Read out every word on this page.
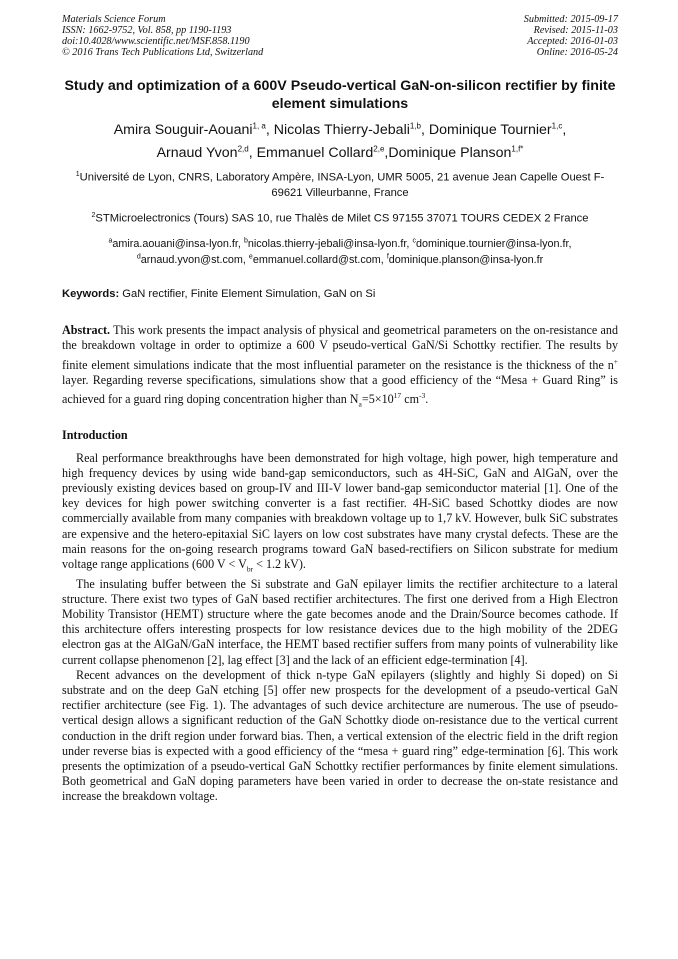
Materials Science Forum
ISSN: 1662-9752, Vol. 858, pp 1190-1193
doi:10.4028/www.scientific.net/MSF.858.1190
© 2016 Trans Tech Publications Ltd, Switzerland
Submitted: 2015-09-17
Revised: 2015-11-03
Accepted: 2016-01-03
Online: 2016-05-24
Study and optimization of a 600V Pseudo-vertical GaN-on-silicon rectifier by finite element simulations
Amira Souguir-Aouani$^{1, a}$, Nicolas Thierry-Jebali$^{1,b}$, Dominique Tournier$^{1,c}$,
Arnaud Yvon$^{2,d}$, Emmanuel Collard$^{2,e}$,Dominique Planson$^{1,f*}$
$^1$Université de Lyon, CNRS, Laboratory Ampère, INSA-Lyon, UMR 5005, 21 avenue Jean Capelle Ouest F-69621 Villeurbanne, France
$^2$STMicroelectronics (Tours) SAS 10, rue Thalès de Milet CS 97155 37071 TOURS CEDEX 2 France
$^a$amira.aouani@insa-lyon.fr, $^b$nicolas.thierry-jebali@insa-lyon.fr, $^c$dominique.tournier@insa-lyon.fr,
$^d$arnaud.yvon@st.com, $^e$emmanuel.collard@st.com, $^f$dominique.planson@insa-lyon.fr
Keywords: GaN rectifier, Finite Element Simulation, GaN on Si
Abstract. This work presents the impact analysis of physical and geometrical parameters on the on-resistance and the breakdown voltage in order to optimize a 600 V pseudo-vertical GaN/Si Schottky rectifier. The results by finite element simulations indicate that the most influential parameter on the resistance is the thickness of the n+ layer. Regarding reverse specifications, simulations show that a good efficiency of the “Mesa + Guard Ring” is achieved for a guard ring doping concentration higher than $N_a=5\times 10^{17}$ $cm^{-3}$.
Introduction
Real performance breakthroughs have been demonstrated for high voltage, high power, high temperature and high frequency devices by using wide band-gap semiconductors, such as 4H-SiC, GaN and AlGaN, over the previously existing devices based on group-IV and III-V lower band-gap semiconductor material [1]. One of the key devices for high power switching converter is a fast rectifier. 4H-SiC based Schottky diodes are now commercially available from many companies with breakdown voltage up to 1,7 kV. However, bulk SiC substrates are expensive and the hetero-epitaxial SiC layers on low cost substrates have many crystal defects. These are the main reasons for the on-going research programs toward GaN based-rectifiers on Silicon substrate for medium voltage range applications (600 $V < V_{br} < 1.2$ kV).
The insulating buffer between the Si substrate and GaN epilayer limits the rectifier architecture to a lateral structure. There exist two types of GaN based rectifier architectures. The first one derived from a High Electron Mobility Transistor (HEMT) structure where the gate becomes anode and the Drain/Source becomes cathode. If this architecture offers interesting prospects for low resistance devices due to the high mobility of the 2DEG electron gas at the AlGaN/GaN interface, the HEMT based rectifier suffers from many points of vulnerability like current collapse phenomenon [2], lag effect [3] and the lack of an efficient edge-termination [4].
Recent advances on the development of thick n-type GaN epilayers (slightly and highly Si doped) on Si substrate and on the deep GaN etching [5] offer new prospects for the development of a pseudo-vertical GaN rectifier architecture (see Fig. 1). The advantages of such device architecture are numerous. The use of pseudo-vertical design allows a significant reduction of the GaN Schottky diode on-resistance due to the vertical current conduction in the drift region under forward bias. Then, a vertical extension of the electric field in the drift region under reverse bias is expected with a good efficiency of the “mesa + guard ring” edge-termination [6]. This work presents the optimization of a pseudo-vertical GaN Schottky rectifier performances by finite element simulations. Both geometrical and GaN doping parameters have been varied in order to decrease the on-state resistance and increase the breakdown voltage.
